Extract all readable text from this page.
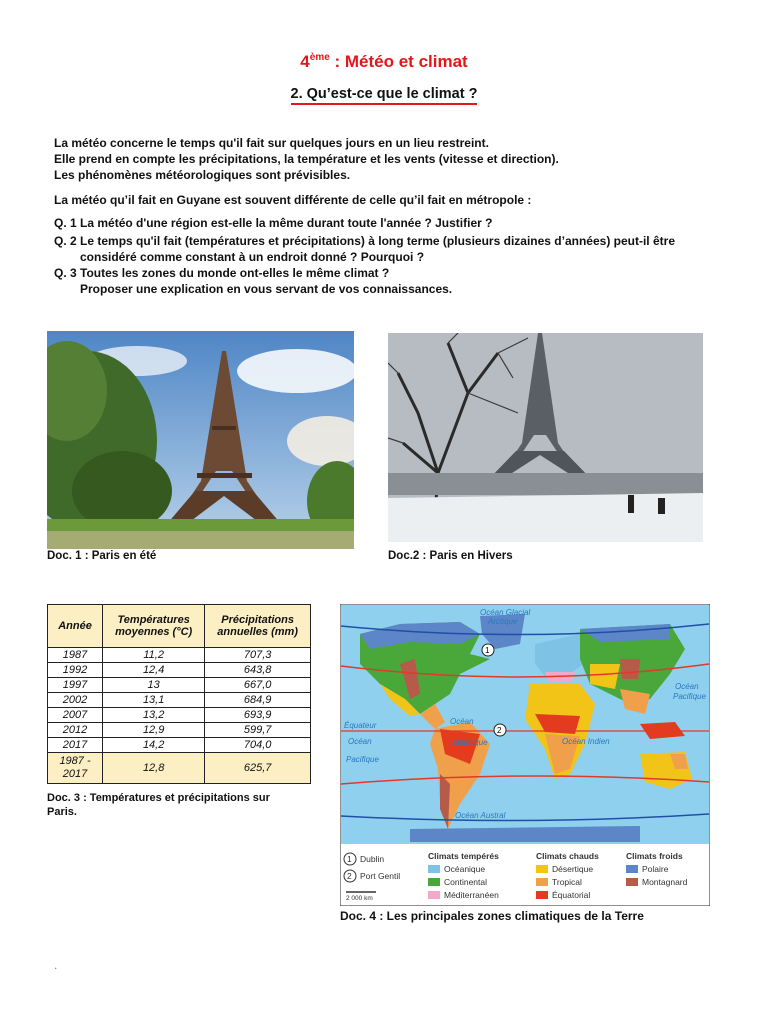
4ème : Météo et climat
2. Qu’est-ce que le climat ?
La météo concerne le temps qu'il fait sur quelques jours en un lieu restreint.
Elle prend en compte les précipitations, la température et les vents (vitesse et direction).
Les phénomènes météorologiques sont prévisibles.
La météo qu’il fait en Guyane est souvent différente de celle qu’il fait en métropole :
Q. 1 La météo d'une région est-elle la même durant toute l'année ? Justifier ?
Q. 2 Le temps qu'il fait (températures et précipitations) à long terme (plusieurs dizaines d’années) peut-il être
considéré comme constant à un endroit donné ? Pourquoi ?
Q. 3 Toutes les zones du monde ont-elles le même climat ?
Proposer une explication en vous servant de vos connaissances.
Doc. 1 : Paris en été	Doc.2 : Paris en Hivers
Année	Températures moyennes (°C)	Précipitations annuelles (mm)
1987	11,2	707,3
1992	12,4	643,8
1997	13	667,0
2002	13,1	684,9
2007	13,2	693,9
2012	12,9	599,7
2017	14,2	704,0
1987 - 2017	12,8	625,7
Doc. 3 : Températures et précipitations sur
Paris.
Océan Glacial
Arctique
Océan
Pacifique
Équateur
Océan
Pacifique
Océan
Atlantique	Océan Indien
Océan Austral
1
2
1 Dublin
2 Port Gentil
2 000 km
Climats tempérés
Océanique
Continental
Méditerranéen
Climats chauds
Désertique
Tropical
Équatorial
Climats froids
Polaire
Montagnard
Doc. 4 : Les principales zones climatiques de la Terre
.
